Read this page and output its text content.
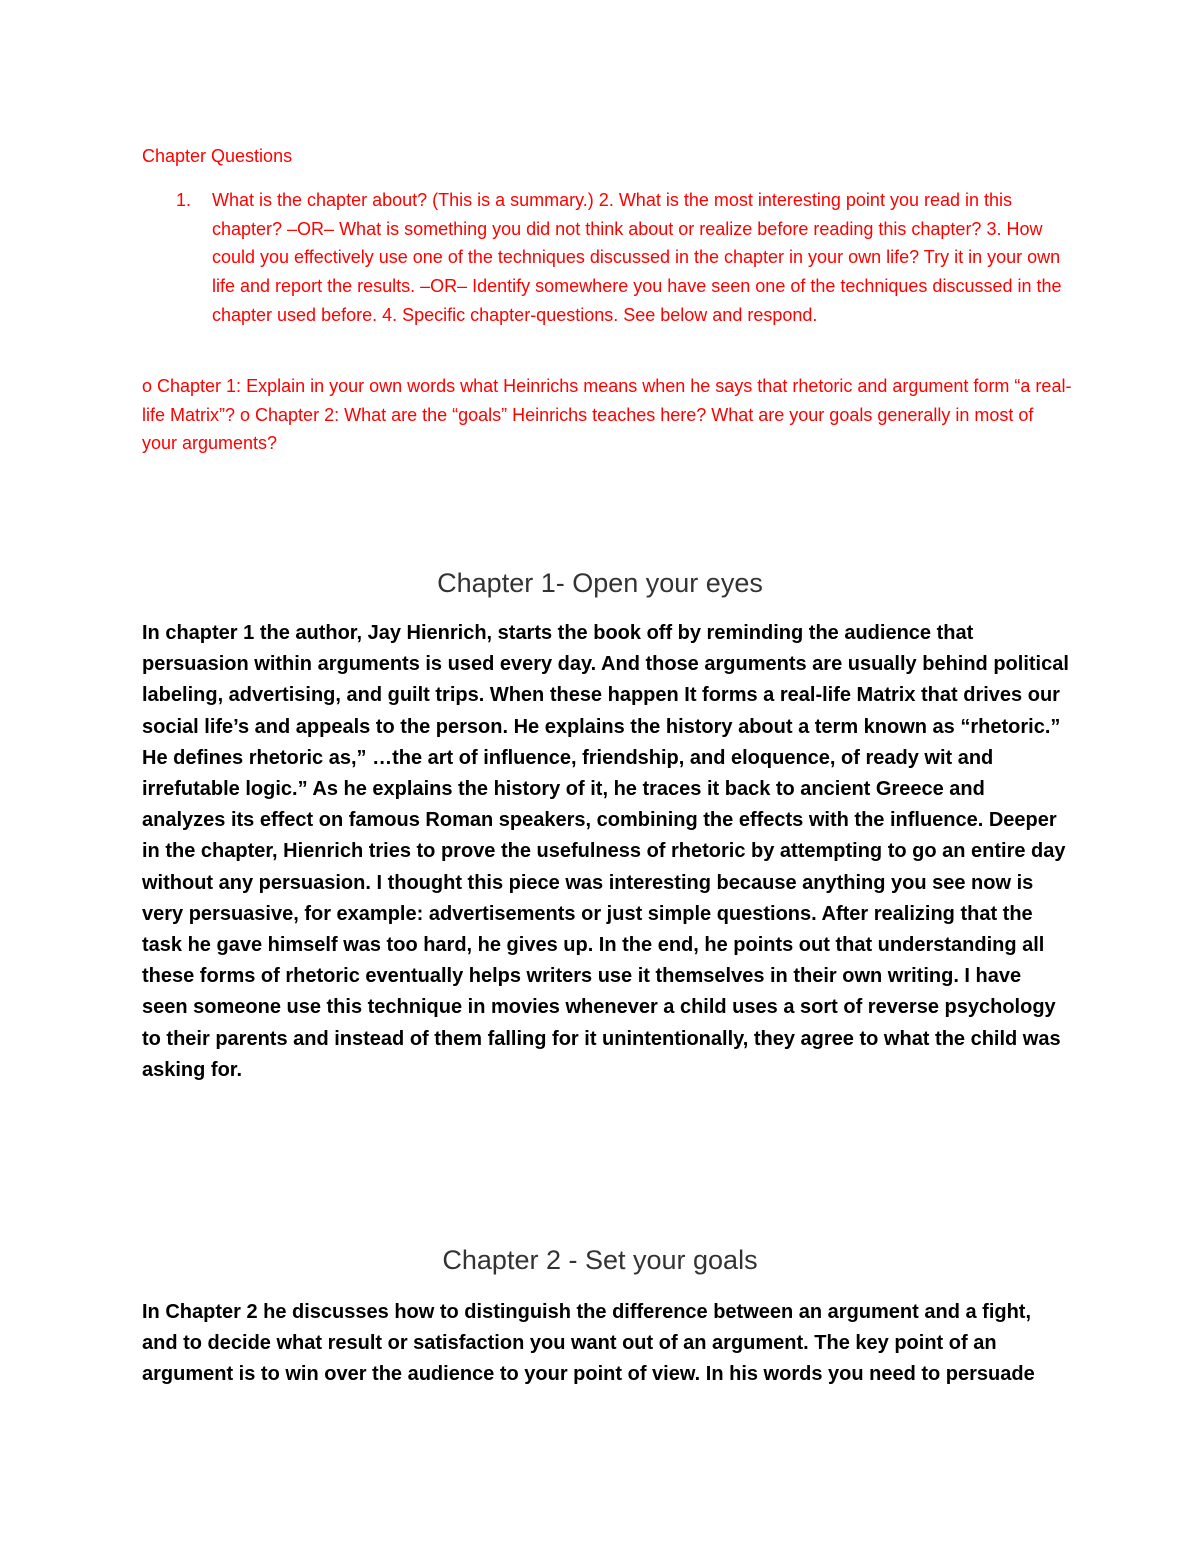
Chapter Questions
1. What is the chapter about? (This is a summary.) 2. What is the most interesting point you read in this chapter? –OR– What is something you did not think about or realize before reading this chapter? 3. How could you effectively use one of the techniques discussed in the chapter in your own life? Try it in your own life and report the results. –OR– Identify somewhere you have seen one of the techniques discussed in the chapter used before. 4. Specific chapter-questions. See below and respond.

o Chapter 1: Explain in your own words what Heinrichs means when he says that rhetoric and argument form “a real-life Matrix”? o Chapter 2: What are the “goals” Heinrichs teaches here? What are your goals generally in most of your arguments?

Chapter 1- Open your eyes

In chapter 1 the author, Jay Hienrich, starts the book off by reminding the audience that persuasion within arguments is used every day. And those arguments are usually behind political labeling, advertising, and guilt trips. When these happen It forms a real-life Matrix that drives our social life’s and appeals to the person. He explains the history about a term known as “rhetoric.” He defines rhetoric as,” …the art of influence, friendship, and eloquence, of ready wit and irrefutable logic.” As he explains the history of it, he traces it back to ancient Greece and analyzes its effect on famous Roman speakers, combining the effects with the influence. Deeper in the chapter, Hienrich tries to prove the usefulness of rhetoric by attempting to go an entire day without any persuasion. I thought this piece was interesting because anything you see now is very persuasive, for example: advertisements or just simple questions. After realizing that the task he gave himself was too hard, he gives up. In the end, he points out that understanding all these forms of rhetoric eventually helps writers use it themselves in their own writing. I have seen someone use this technique in movies whenever a child uses a sort of reverse psychology to their parents and instead of them falling for it unintentionally, they agree to what the child was asking for.

Chapter 2 - Set your goals

In Chapter 2 he discusses how to distinguish the difference between an argument and a fight, and to decide what result or satisfaction you want out of an argument. The key point of an argument is to win over the audience to your point of view. In his words you need to persuade
